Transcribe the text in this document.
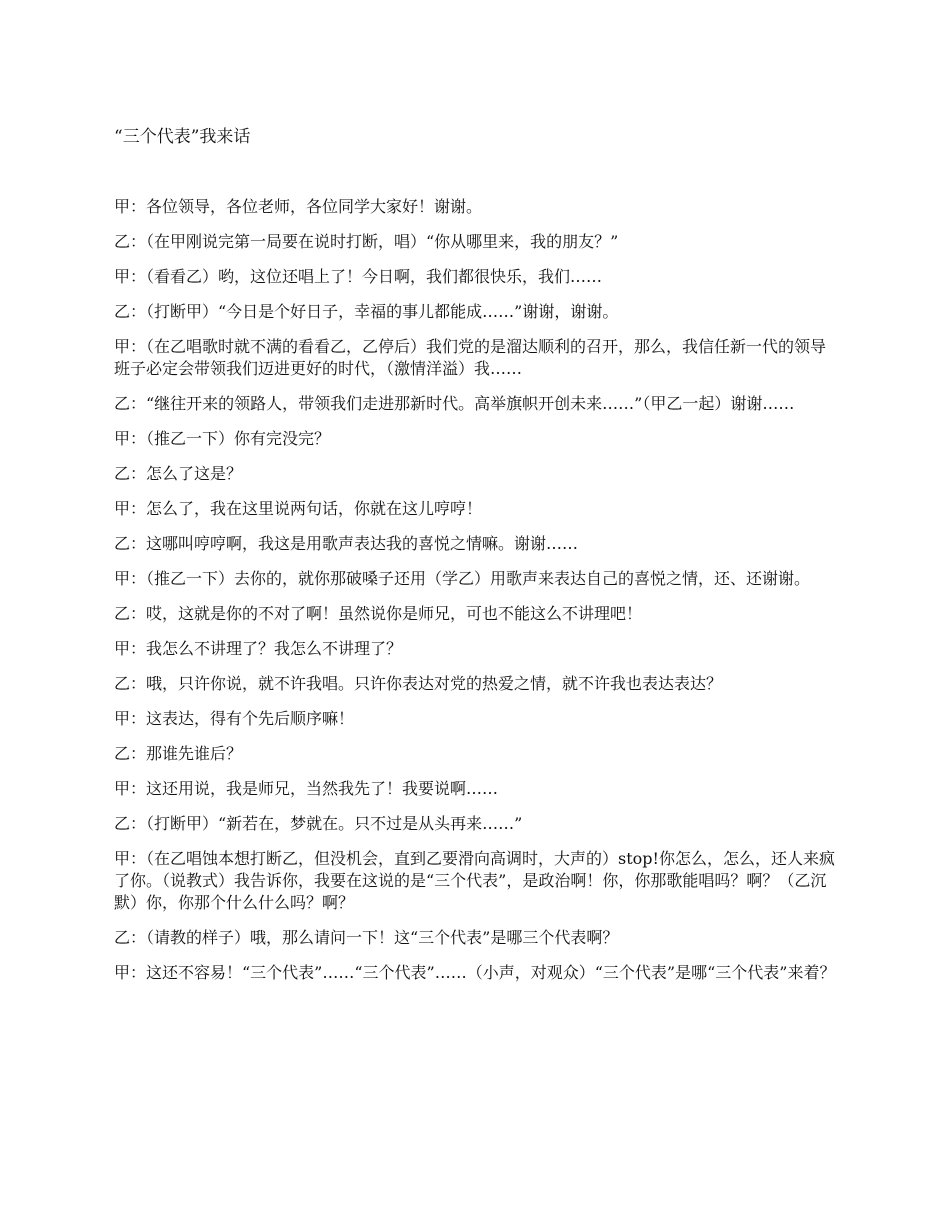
“三个代表”我来话

甲：各位领导，各位老师，各位同学大家好！谢谢。

乙：（在甲刚说完第一局要在说时打断，唱）“你从哪里来，我的朋友？”

甲：（看看乙）哟，这位还唱上了！今日啊，我们都很快乐，我们……

乙：（打断甲）“今日是个好日子，幸福的事儿都能成……”谢谢，谢谢。

甲：（在乙唱歌时就不满的看看乙，乙停后）我们党的是溜达顺利的召开，那么，我信任新一代的领导班子必定会带领我们迈进更好的时代，（激情洋溢）我……

乙：“继往开来的领路人，带领我们走进那新时代。高举旗帜开创未来……”（甲乙一起）谢谢……

甲：（推乙一下）你有完没完？

乙：怎么了这是？

甲：怎么了，我在这里说两句话，你就在这儿哼哼！

乙：这哪叫哼哼啊，我这是用歌声表达我的喜悦之情嘛。谢谢……

甲：（推乙一下）去你的，就你那破嗓子还用（学乙）用歌声来表达自己的喜悦之情，还、还谢谢。

乙：哎，这就是你的不对了啊！虽然说你是师兄，可也不能这么不讲理吧！

甲：我怎么不讲理了？我怎么不讲理了？

乙：哦，只许你说，就不许我唱。只许你表达对党的热爱之情，就不许我也表达表达？

甲：这表达，得有个先后顺序嘛！

乙：那谁先谁后？

甲：这还用说，我是师兄，当然我先了！我要说啊……

乙：（打断甲）“新若在，梦就在。只不过是从头再来……”

甲：（在乙唱蚀本想打断乙，但没机会，直到乙要滑向高调时，大声的）stop!你怎么，怎么，还人来疯了你。（说教式）我告诉你，我要在这说的是“三个代表”，是政治啊！你，你那歌能唱吗？啊？（乙沉默）你，你那个什么什么吗？啊？

乙：（请教的样子）哦，那么请问一下！这“三个代表”是哪三个代表啊？

甲：这还不容易！“三个代表”……“三个代表”……（小声，对观众）“三个代表”是哪“三个代表”来着？
